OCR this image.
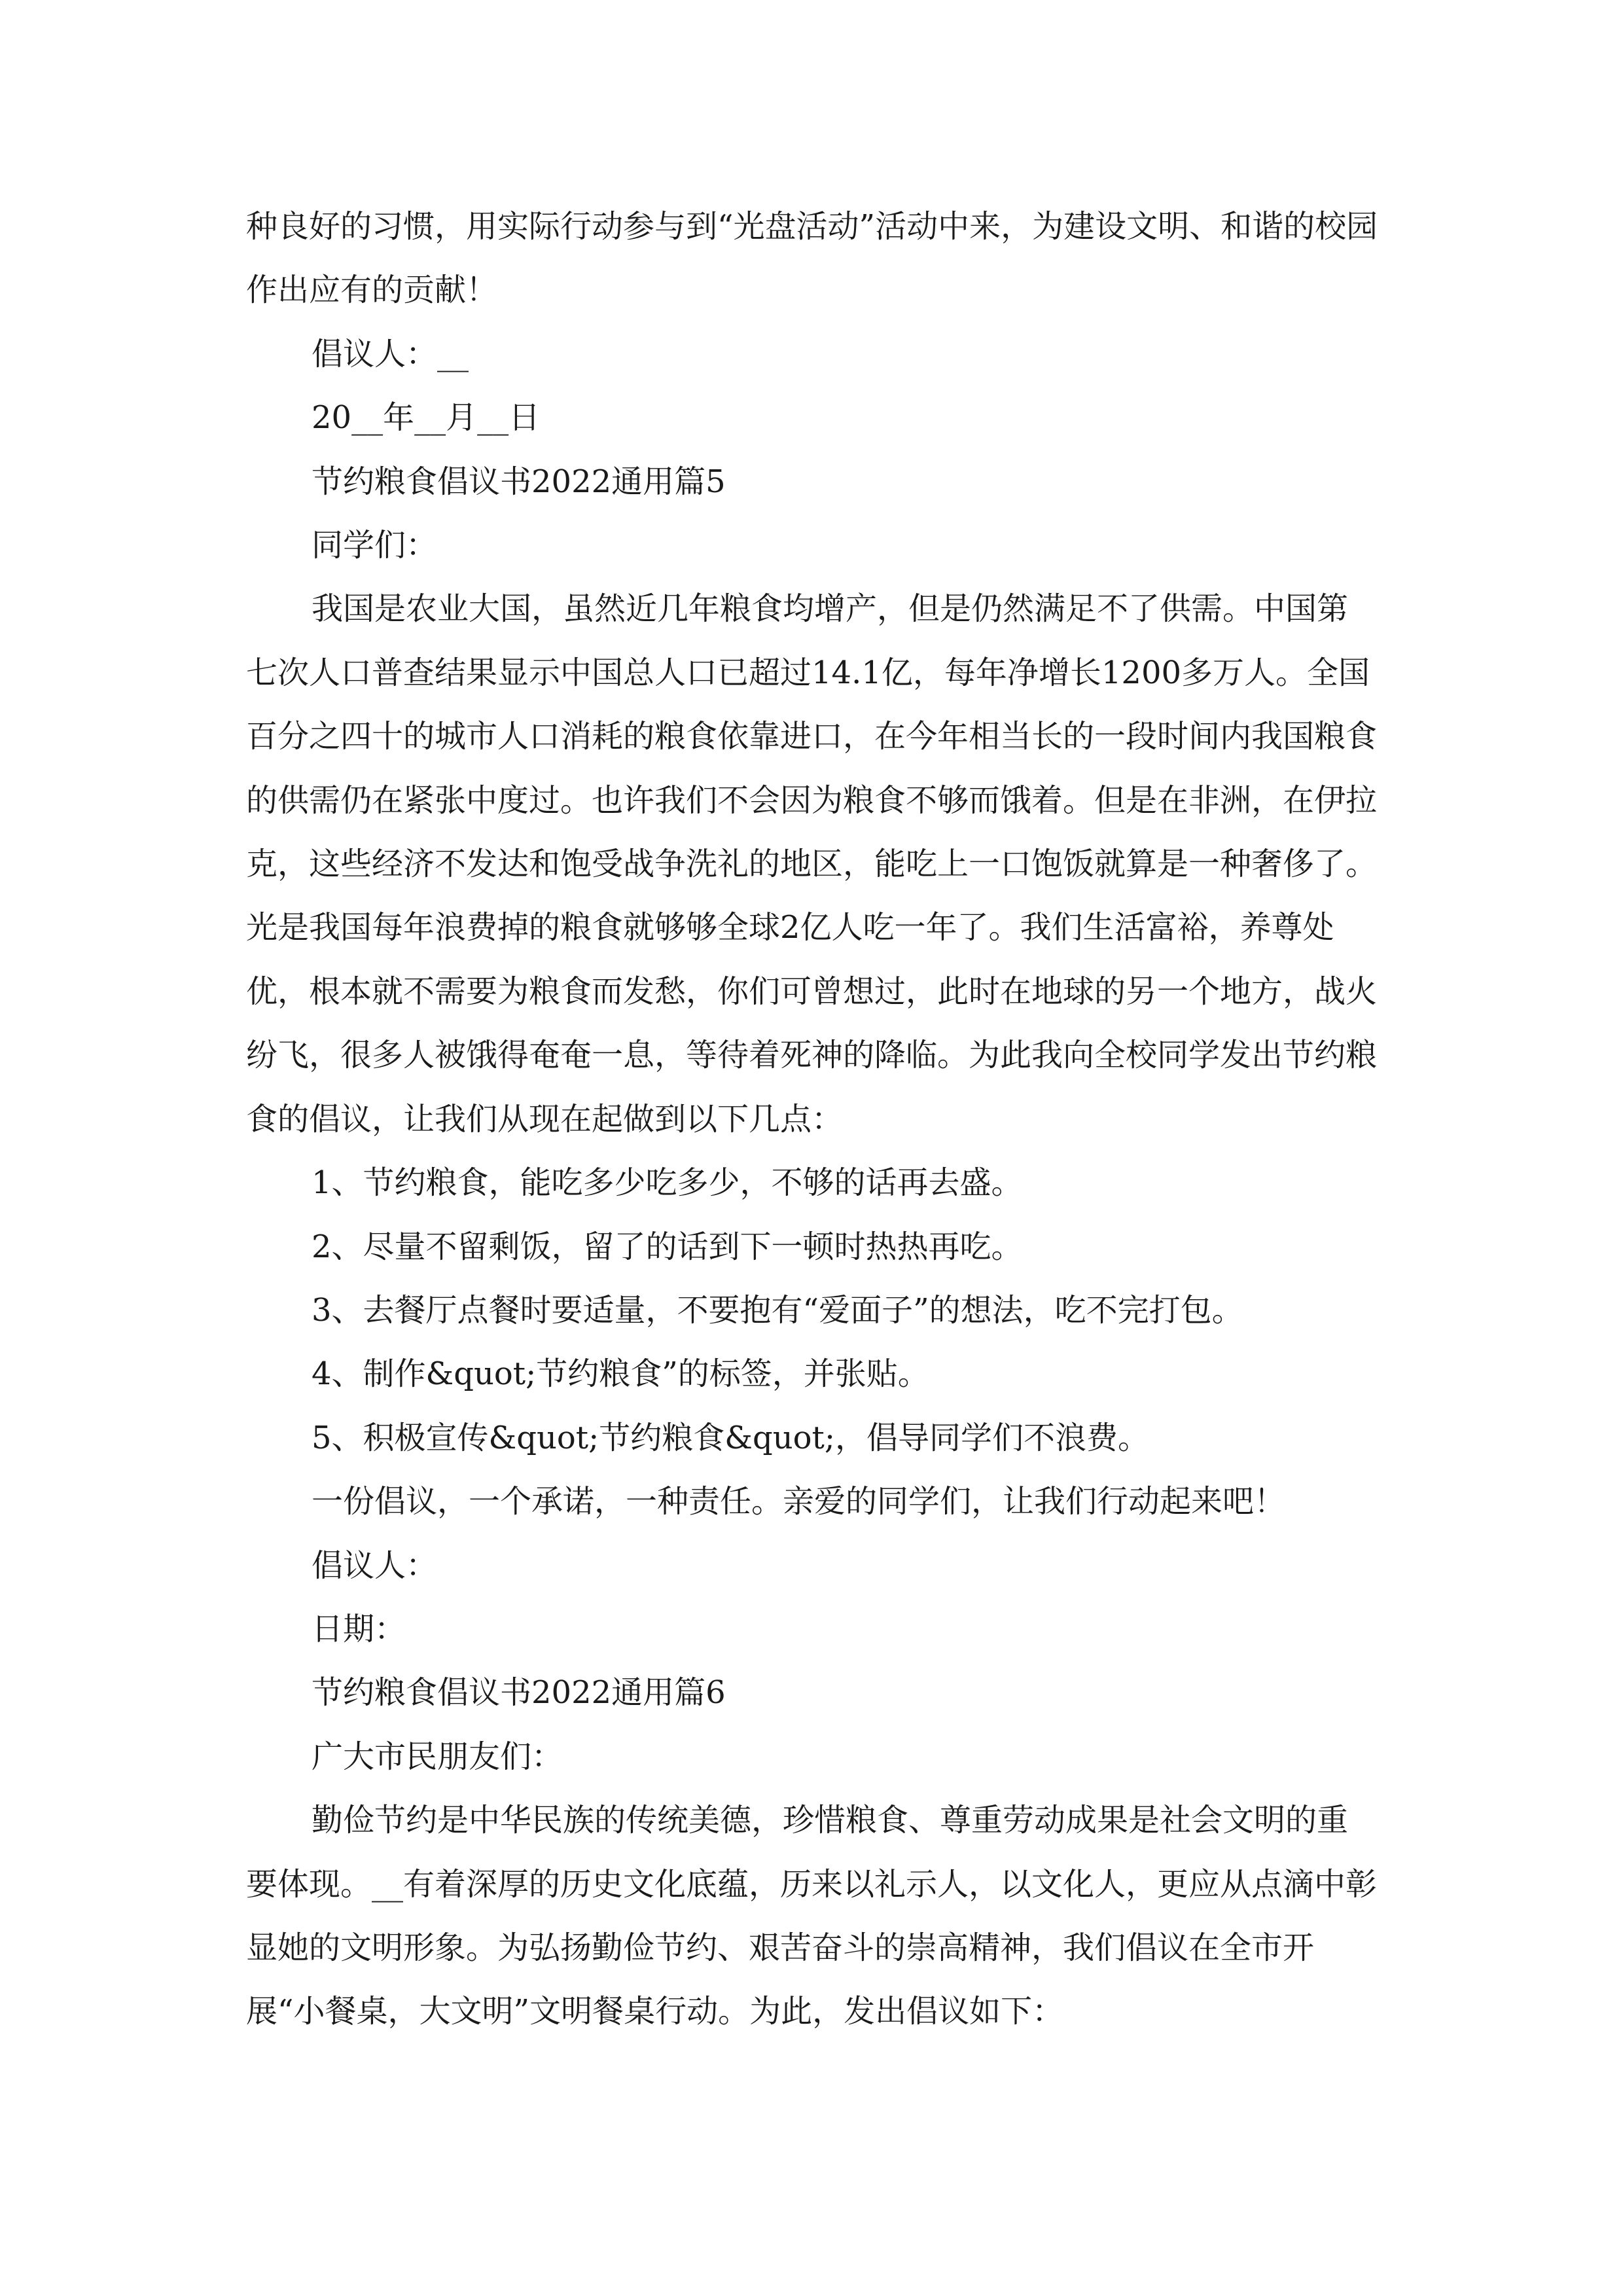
种良好的习惯，用实际行动参与到“光盘活动”活动中来，为建设文明、和谐的校园作出应有的贡献！

倡议人：__

20__年__月__日

节约粮食倡议书2022通用篇5

同学们：

我国是农业大国，虽然近几年粮食均增产，但是仍然满足不了供需。中国第七次人口普查结果显示中国总人口已超过14.1亿，每年净增长1200多万人。全国百分之四十的城市人口消耗的粮食依靠进口，在今年相当长的一段时间内我国粮食的供需仍在紧张中度过。也许我们不会因为粮食不够而饿着。但是在非洲，在伊拉克，这些经济不发达和饱受战争洗礼的地区，能吃上一口饱饭就算是一种奢侈了。光是我国每年浪费掉的粮食就够够全球2亿人吃一年了。我们生活富裕，养尊处优，根本就不需要为粮食而发愁，你们可曾想过，此时在地球的另一个地方，战火纷飞，很多人被饿得奄奄一息，等待着死神的降临。为此我向全校同学发出节约粮食的倡议，让我们从现在起做到以下几点：

1、节约粮食，能吃多少吃多少，不够的话再去盛。

2、尽量不留剩饭，留了的话到下一顿时热热再吃。

3、去餐厅点餐时要适量，不要抱有“爱面子”的想法，吃不完打包。

4、制作&quot;节约粮食”的标签，并张贴。

5、积极宣传&quot;节约粮食&quot;，倡导同学们不浪费。

一份倡议，一个承诺，一种责任。亲爱的同学们，让我们行动起来吧！

倡议人：

日期：

节约粮食倡议书2022通用篇6

广大市民朋友们：

勤俭节约是中华民族的传统美德，珍惜粮食、尊重劳动成果是社会文明的重要体现。__有着深厚的历史文化底蕴，历来以礼示人，以文化人，更应从点滴中彰显她的文明形象。为弘扬勤俭节约、艰苦奋斗的崇高精神，我们倡议在全市开展“小餐桌，大文明”文明餐桌行动。为此，发出倡议如下：
